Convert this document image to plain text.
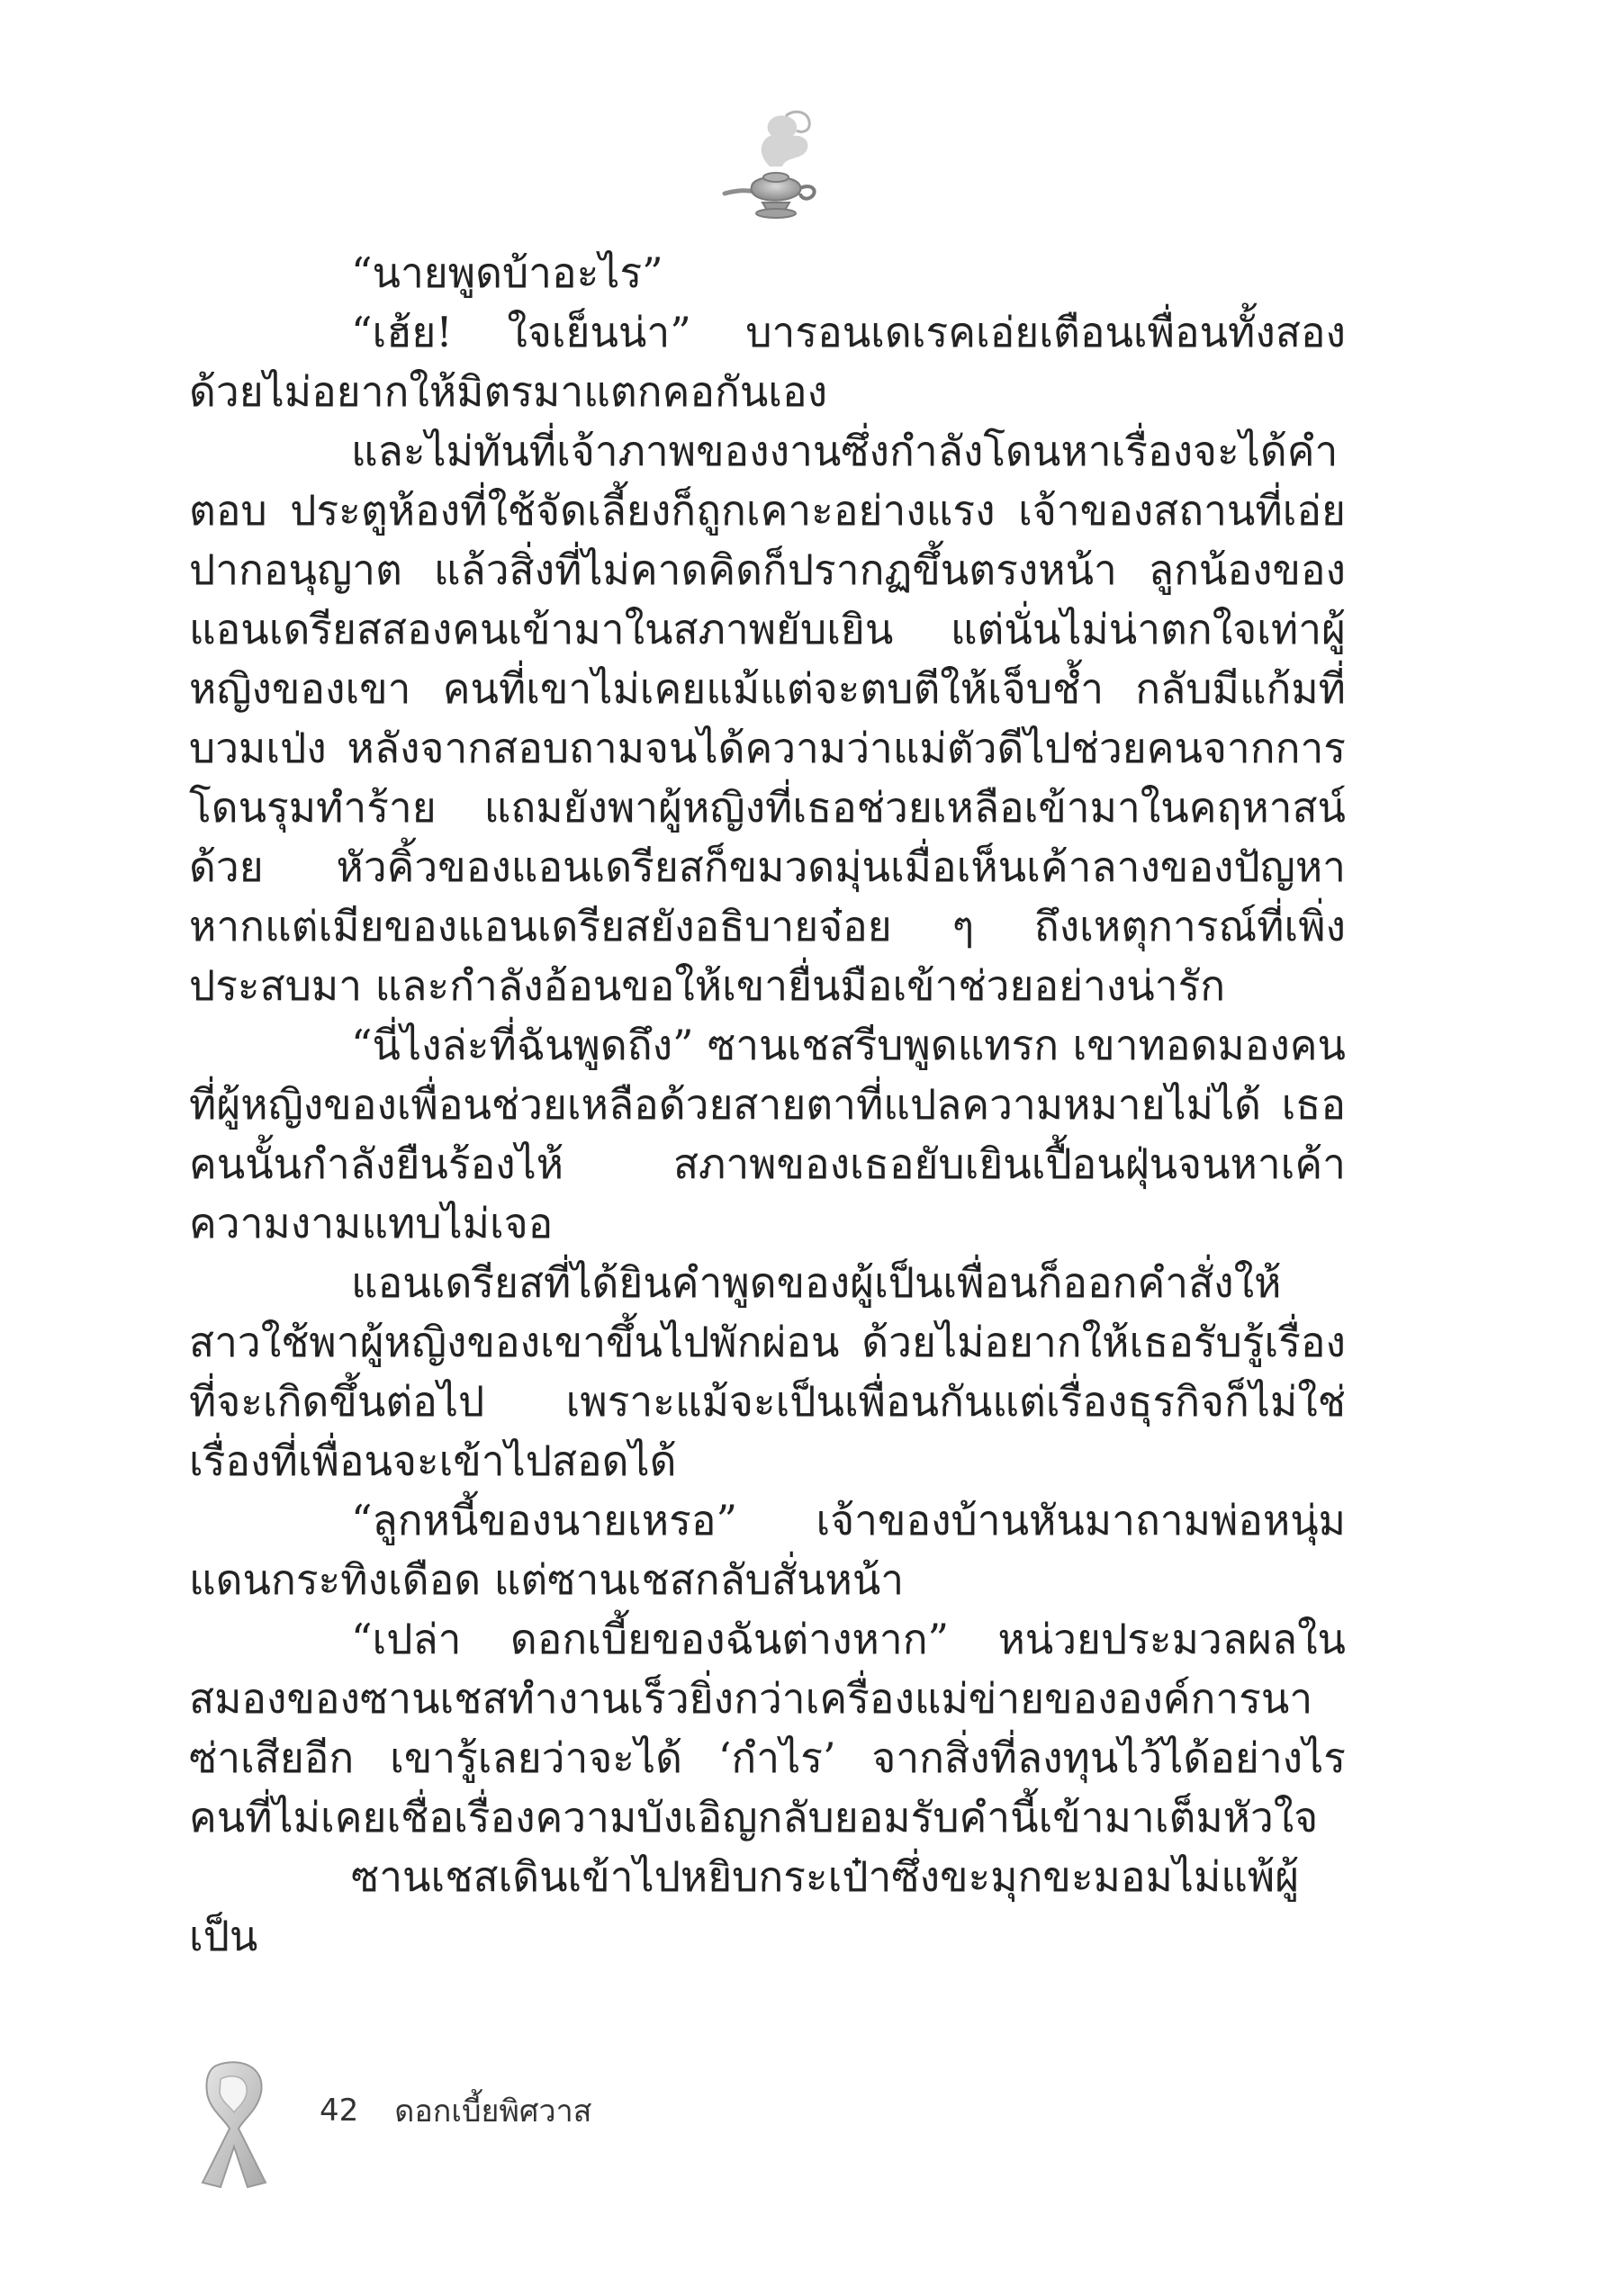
“นายพูดบ้าอะไร”

“เฮ้ย! ใจเย็นน่า” บารอนเดเรคเอ่ยเตือนเพื่อนทั้งสอง ด้วยไม่อยากให้มิตรมาแตกคอกันเอง

และไม่ทันที่เจ้าภาพของงานซึ่งกำลังโดนหาเรื่องจะได้คำตอบ ประตูห้องที่ใช้จัดเลี้ยงก็ถูกเคาะอย่างแรง เจ้าของสถานที่เอ่ยปากอนุญาต แล้วสิ่งที่ไม่คาดคิดก็ปรากฏขึ้นตรงหน้า ลูกน้องของแอนเดรียสสองคนเข้ามาในสภาพยับเยิน แต่นั่นไม่น่าตกใจเท่าผู้หญิงของเขา คนที่เขาไม่เคยแม้แต่จะตบตีให้เจ็บช้ำ กลับมีแก้มที่บวมเป่ง หลังจากสอบถามจนได้ความว่าแม่ตัวดีไปช่วยคนจากการโดนรุมทำร้าย แถมยังพาผู้หญิงที่เธอช่วยเหลือเข้ามาในคฤหาสน์ด้วย หัวคิ้วของแอนเดรียสก็ขมวดมุ่นเมื่อเห็นเค้าลางของปัญหา หากแต่เมียของแอนเดรียสยังอธิบายจ๋อย ๆ ถึงเหตุการณ์ที่เพิ่งประสบมา และกำลังอ้อนขอให้เขายื่นมือเข้าช่วยอย่างน่ารัก

“นี่ไงล่ะที่ฉันพูดถึง” ซานเชสรีบพูดแทรก เขาทอดมองคนที่ผู้หญิงของเพื่อนช่วยเหลือด้วยสายตาที่แปลความหมายไม่ได้ เธอคนนั้นกำลังยืนร้องไห้ สภาพของเธอยับเยินเปื้อนฝุ่นจนหาเค้าความงามแทบไม่เจอ

แอนเดรียสที่ได้ยินคำพูดของผู้เป็นเพื่อนก็ออกคำสั่งให้สาวใช้พาผู้หญิงของเขาขึ้นไปพักผ่อน ด้วยไม่อยากให้เธอรับรู้เรื่องที่จะเกิดขึ้นต่อไป เพราะแม้จะเป็นเพื่อนกันแต่เรื่องธุรกิจก็ไม่ใช่เรื่องที่เพื่อนจะเข้าไปสอดได้

“ลูกหนี้ของนายเหรอ” เจ้าของบ้านหันมาถามพ่อหนุ่มแดนกระทิงเดือด แต่ซานเชสกลับสั่นหน้า

“เปล่า ดอกเบี้ยของฉันต่างหาก” หน่วยประมวลผลในสมองของซานเชสทำงานเร็วยิ่งกว่าเครื่องแม่ข่ายขององค์การนาซ่าเสียอีก เขารู้เลยว่าจะได้ ‘กำไร’ จากสิ่งที่ลงทุนไว้ได้อย่างไร คนที่ไม่เคยเชื่อเรื่องความบังเอิญกลับยอมรับคำนี้เข้ามาเต็มหัวใจ

ซานเชสเดินเข้าไปหยิบกระเป๋าซึ่งขะมุกขะมอมไม่แพ้ผู้เป็น

42 ดอกเบี้ยพิศวาส
